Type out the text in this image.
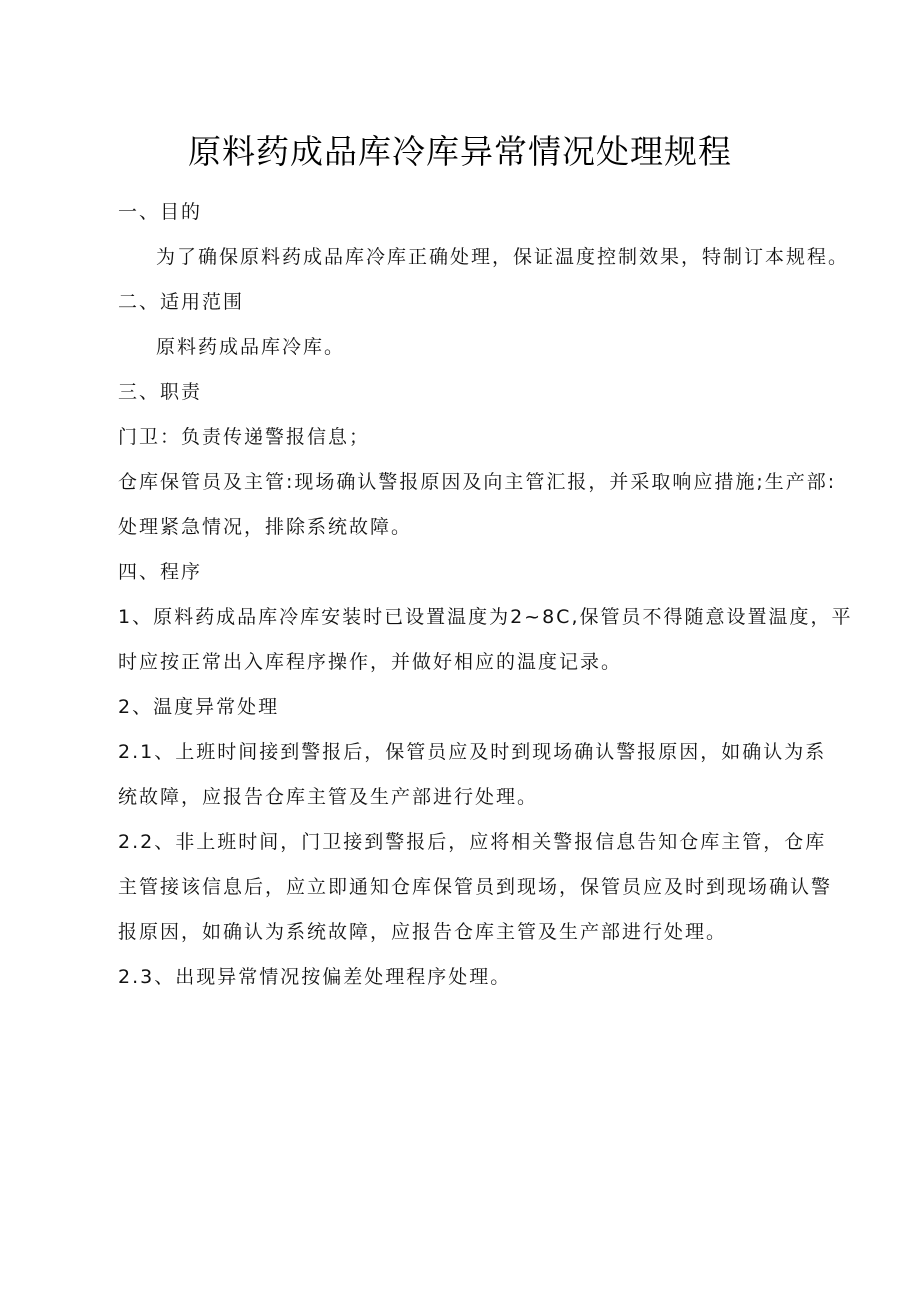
原料药成品库冷库异常情况处理规程
一、目的
为了确保原料药成品库冷库正确处理，保证温度控制效果，特制订本规程。
二、适用范围
原料药成品库冷库。
三、职责
门卫：负责传递警报信息；
仓库保管员及主管:现场确认警报原因及向主管汇报，并采取响应措施;生产部:
处理紧急情况，排除系统故障。
四、程序
1、原料药成品库冷库安装时已设置温度为2~8C,保管员不得随意设置温度，平
时应按正常出入库程序操作，并做好相应的温度记录。
2、温度异常处理
2.1、上班时间接到警报后，保管员应及时到现场确认警报原因，如确认为系
统故障，应报告仓库主管及生产部进行处理。
2.2、非上班时间，门卫接到警报后，应将相关警报信息告知仓库主管，仓库
主管接该信息后，应立即通知仓库保管员到现场，保管员应及时到现场确认警
报原因，如确认为系统故障，应报告仓库主管及生产部进行处理。
2.3、出现异常情况按偏差处理程序处理。
